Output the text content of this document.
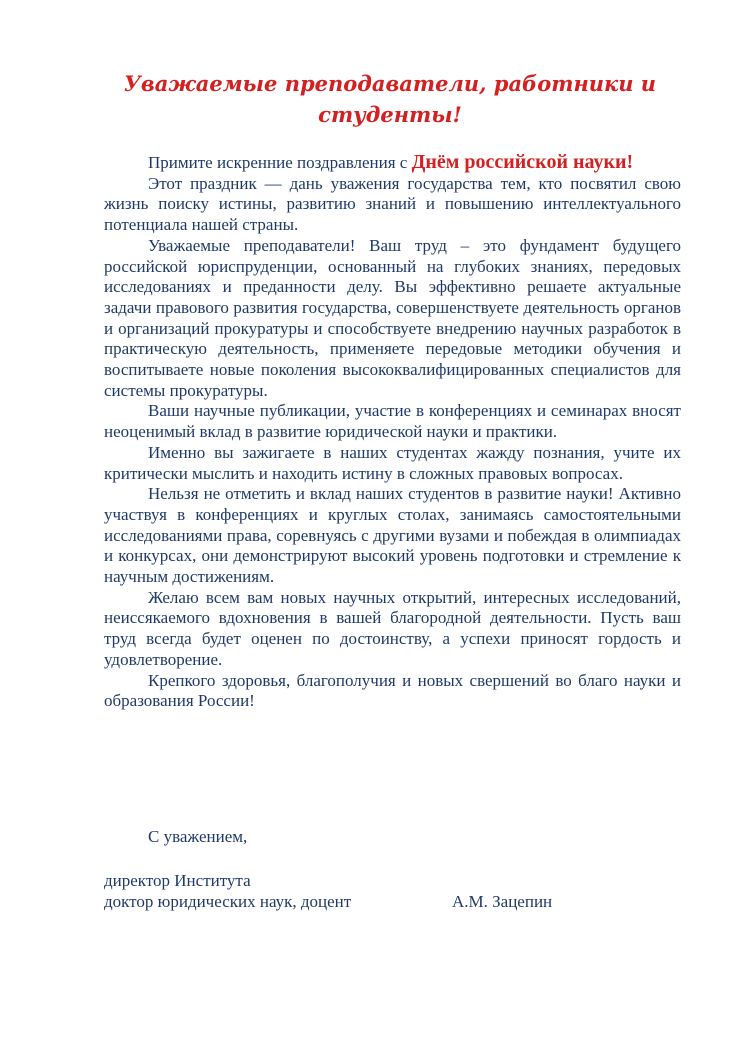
Уважаемые преподаватели, работники и студенты!

Примите искренние поздравления с Днём российской науки!

Этот праздник — дань уважения государства тем, кто посвятил свою жизнь поиску истины, развитию знаний и повышению интеллектуального потенциала нашей страны.

Уважаемые преподаватели! Ваш труд – это фундамент будущего российской юриспруденции, основанный на глубоких знаниях, передовых исследованиях и преданности делу. Вы эффективно решаете актуальные задачи правового развития государства, совершенствуете деятельность органов и организаций прокуратуры и способствуете внедрению научных разработок в практическую деятельность, применяете передовые методики обучения и воспитываете новые поколения высококвалифицированных специалистов для системы прокуратуры.

Ваши научные публикации, участие в конференциях и семинарах вносят неоценимый вклад в развитие юридической науки и практики.

Именно вы зажигаете в наших студентах жажду познания, учите их критически мыслить и находить истину в сложных правовых вопросах.

Нельзя не отметить и вклад наших студентов в развитие науки! Активно участвуя в конференциях и круглых столах, занимаясь самостоятельными исследованиями права, соревнуясь с другими вузами и побеждая в олимпиадах и конкурсах, они демонстрируют высокий уровень подготовки и стремление к научным достижениям.

Желаю всем вам новых научных открытий, интересных исследований, неиссякаемого вдохновения в вашей благородной деятельности. Пусть ваш труд всегда будет оценен по достоинству, а успехи приносят гордость и удовлетворение.

Крепкого здоровья, благополучия и новых свершений во благо науки и образования России!

С уважением,
директор Института
доктор юридических наук, доцент	А.М. Зацепин
